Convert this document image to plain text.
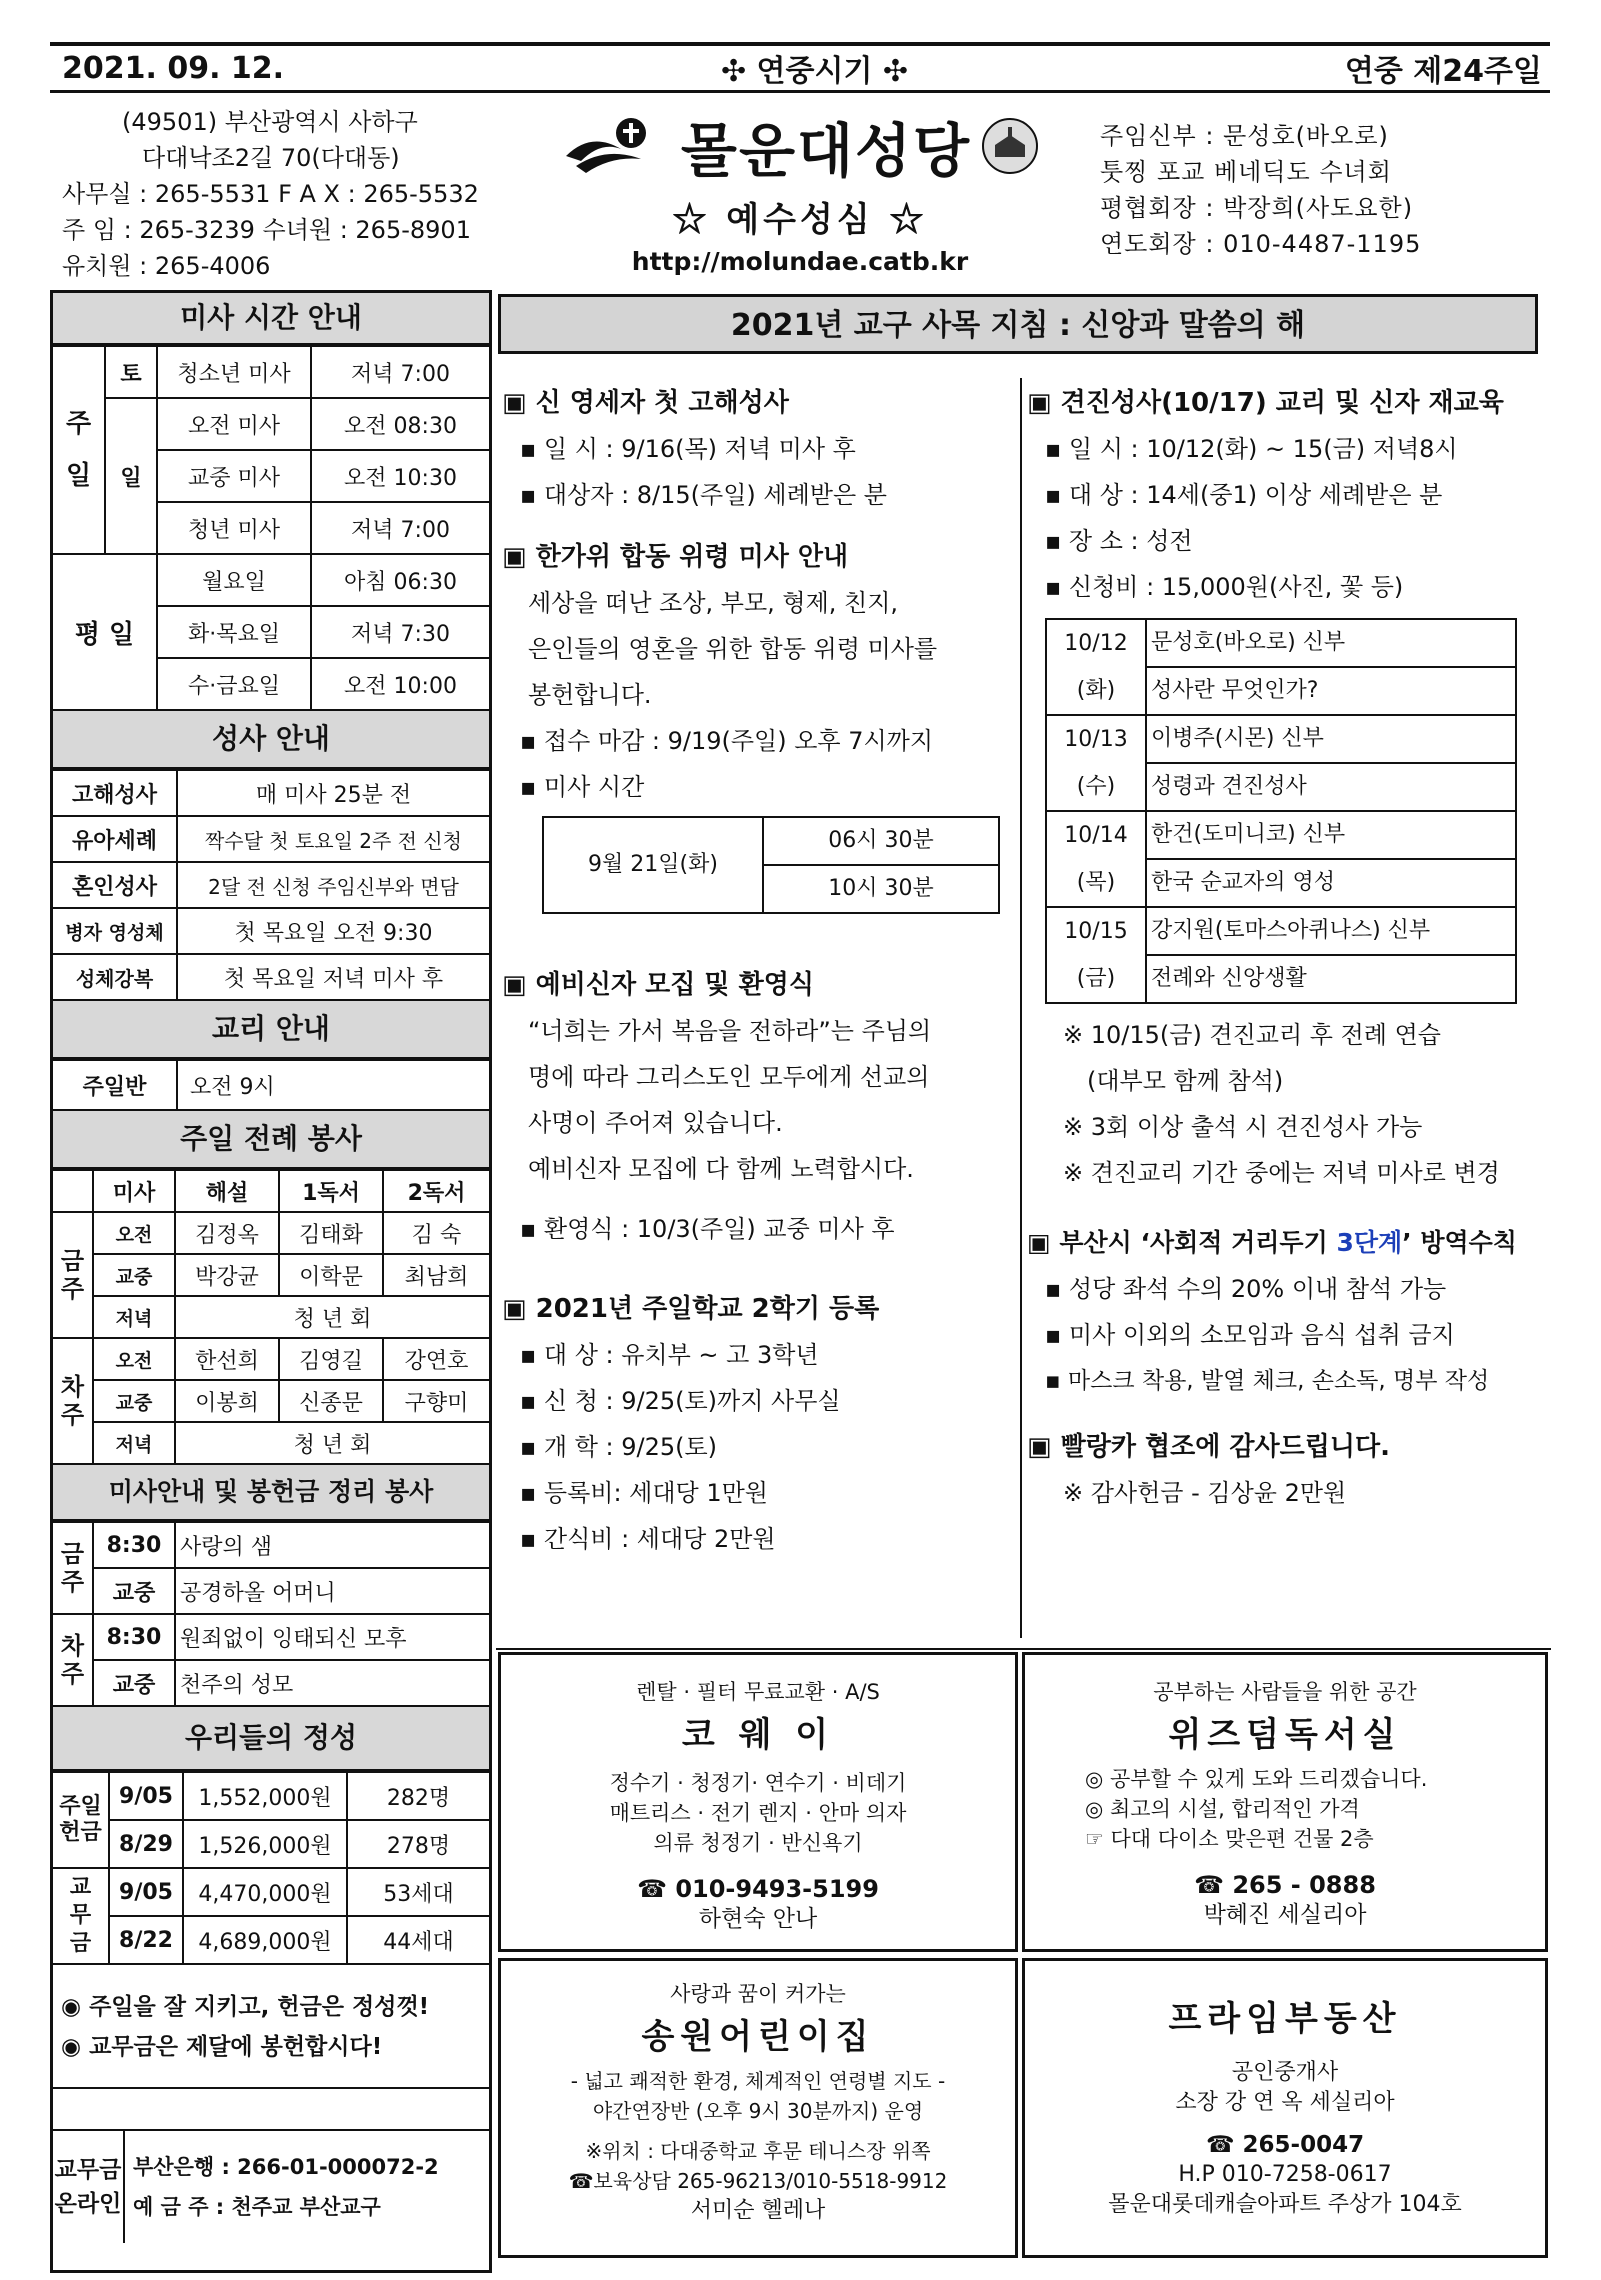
2021. 09. 12.	✣ 연중시기 ✣	연중 제24주일
(49501) 부산광역시 사하구
다대낙조2길 70(다대동)
사무실 : 265-5531 F A X : 265-5532
주 임 : 265-3239 수녀원 : 265-8901
유치원 : 265-4006
몰운대성당
☆ 예수성심 ☆
http://molundae.catb.kr
주임신부 : 문성호(바오로)
툿찡 포교 베네딕도 수녀회
평협회장 : 박장희(사도요한)
연도회장 : 010-4487-1195
미사 시간 안내
주 일	토	청소년 미사	저녁 7:00
	일	오전 미사	오전 08:30
		교중 미사	오전 10:30
		청년 미사	저녁 7:00
평 일		월요일	아침 06:30
		화·목요일	저녁 7:30
		수·금요일	오전 10:00
성사 안내
고해성사	매 미사 25분 전
유아세례	짝수달 첫 토요일 2주 전 신청
혼인성사	2달 전 신청 주임신부와 면담
병자 영성체	첫 목요일 오전 9:30
성체강복	첫 목요일 저녁 미사 후
교리 안내
주일반	오전 9시
주일 전례 봉사
	미사	해설	1독서	2독서
금주	오전	김정옥	김태화	김 숙
	교중	박강균	이학문	최남희
	저녁	청 년 회		
차주	오전	한선희	김영길	강연호
	교중	이봉희	신종문	구향미
	저녁	청 년 회		
미사안내 및 봉헌금 정리 봉사
금주	8:30	사랑의 샘
	교중	공경하올 어머니
차주	8:30	원죄없이 잉태되신 모후
	교중	천주의 성모
우리들의 정성
주일헌금	9/05	1,552,000원	282명
	8/29	1,526,000원	278명
교무금	9/05	4,470,000원	53세대
	8/22	4,689,000원	44세대
◉ 주일을 잘 지키고, 헌금은 정성껏!
◉ 교무금은 제달에 봉헌합시다!
교무금 온라인
부산은행 : 266-01-000072-2
예 금 주 : 천주교 부산교구
2021년 교구 사목 지침 : 신앙과 말씀의 해
▣ 신 영세자 첫 고해성사
▪ 일 시 : 9/16(목) 저녁 미사 후
▪ 대상자 : 8/15(주일) 세례받은 분
▣ 한가위 합동 위령 미사 안내
세상을 떠난 조상, 부모, 형제, 친지,
은인들의 영혼을 위한 합동 위령 미사를
봉헌합니다.
▪ 접수 마감 : 9/19(주일) 오후 7시까지
▪ 미사 시간
9월 21일(화)	06시 30분
10시 30분
▣ 예비신자 모집 및 환영식
“너희는 가서 복음을 전하라”는 주님의
명에 따라 그리스도인 모두에게 선교의
사명이 주어져 있습니다.
예비신자 모집에 다 함께 노력합시다.
▪ 환영식 : 10/3(주일) 교중 미사 후
▣ 2021년 주일학교 2학기 등록
▪ 대 상 : 유치부 ~ 고 3학년
▪ 신 청 : 9/25(토)까지 사무실
▪ 개 학 : 9/25(토)
▪ 등록비: 세대당 1만원
▪ 간식비 : 세대당 2만원
▣ 견진성사(10/17) 교리 및 신자 재교육
▪ 일 시 : 10/12(화) ~ 15(금) 저녁8시
▪ 대 상 : 14세(중1) 이상 세례받은 분
▪ 장 소 : 성전
▪ 신청비 : 15,000원(사진, 꽃 등)
10/12	문성호(바오로) 신부
(화)	성사란 무엇인가?
10/13	이병주(시몬) 신부
(수)	성령과 견진성사
10/14	한건(도미니코) 신부
(목)	한국 순교자의 영성
10/15	강지원(토마스아퀴나스) 신부
(금)	전례와 신앙생활
※ 10/15(금) 견진교리 후 전례 연습
(대부모 함께 참석)
※ 3회 이상 출석 시 견진성사 가능
※ 견진교리 기간 중에는 저녁 미사로 변경
▣ 부산시 ‘사회적 거리두기 3단계’ 방역수칙
▪ 성당 좌석 수의 20% 이내 참석 가능
▪ 미사 이외의 소모임과 음식 섭취 금지
▪ 마스크 착용, 발열 체크, 손소독, 명부 작성
▣ 빨랑카 협조에 감사드립니다.
※ 감사헌금 - 김상윤 2만원
렌탈 · 필터 무료교환 · A/S
코 웨 이
정수기 · 청정기· 연수기 · 비데기
매트리스 · 전기 렌지 · 안마 의자
의류 청정기 · 반신욕기
☎ 010-9493-5199
하현숙 안나
공부하는 사람들을 위한 공간
위즈덤독서실
◎ 공부할 수 있게 도와 드리겠습니다.
◎ 최고의 시설, 합리적인 가격
☞ 다대 다이소 맞은편 건물 2층
☎ 265 - 0888
박혜진 세실리아
사랑과 꿈이 커가는
송원어린이집
- 넓고 쾌적한 환경, 체계적인 연령별 지도 -
야간연장반 (오후 9시 30분까지) 운영
※위치 : 다대중학교 후문 테니스장 위쪽
☎보육상담 265-96213/010-5518-9912
서미순 헬레나
프라임부동산
공인중개사
소장 강 연 옥 세실리아
☎ 265-0047
H.P 010-7258-0617
몰운대롯데캐슬아파트 주상가 104호
